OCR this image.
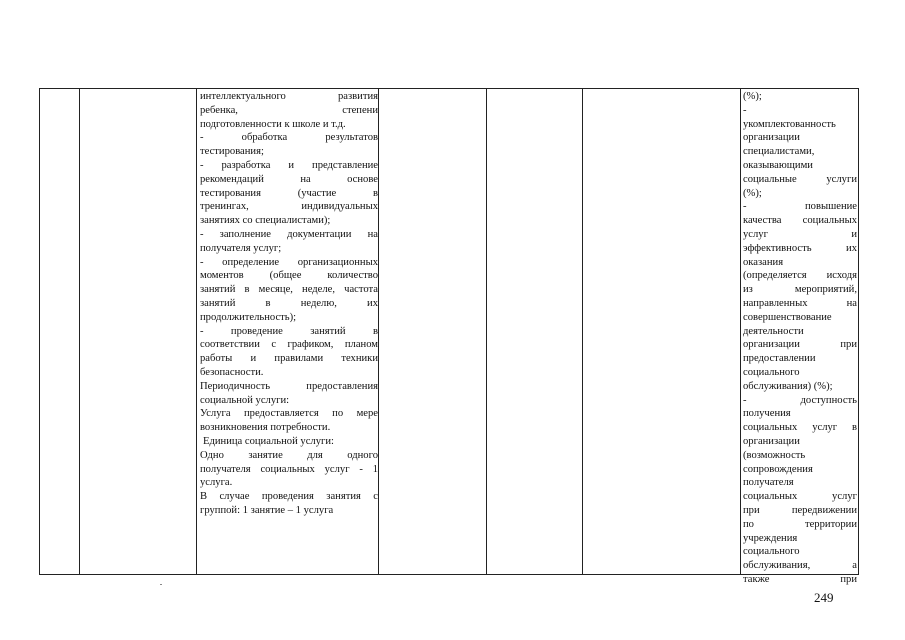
интеллектуального развития

ребенка, степени

подготовленности к школе и т.д.

- обработка результатов

тестирования;

- разработка и представление

рекомендаций на основе

тестирования (участие в

тренингах, индивидуальных

занятиях со специалистами);

- заполнение документации на

получателя услуг;

- определение организационных

моментов (общее количество

занятий в месяце, неделе, частота

занятий в неделю, их

продолжительность);

- проведение занятий в

соответствии с графиком, планом

работы и правилами техники

безопасности.

Периодичность предоставления

социальной услуги:

Услуга предоставляется по мере

возникновения потребности.

Единица социальной услуги:

Одно занятие для одного

получателя социальных услуг - 1

услуга.

В случае проведения занятия с

группой: 1 занятие – 1 услуга

(%);

-

укомплектованность

организации

специалистами,

оказывающими

социальные услуги

(%);

- повышение

качества социальных

услуг и

эффективность их

оказания

(определяется исходя

из мероприятий,

направленных на

совершенствование

деятельности

организации при

предоставлении

социального

обслуживания) (%);

- доступность

получения

социальных услуг в

организации

(возможность

сопровождения

получателя

социальных услуг

при передвижении

по территории

учреждения

социального

обслуживания, а

также при

249
